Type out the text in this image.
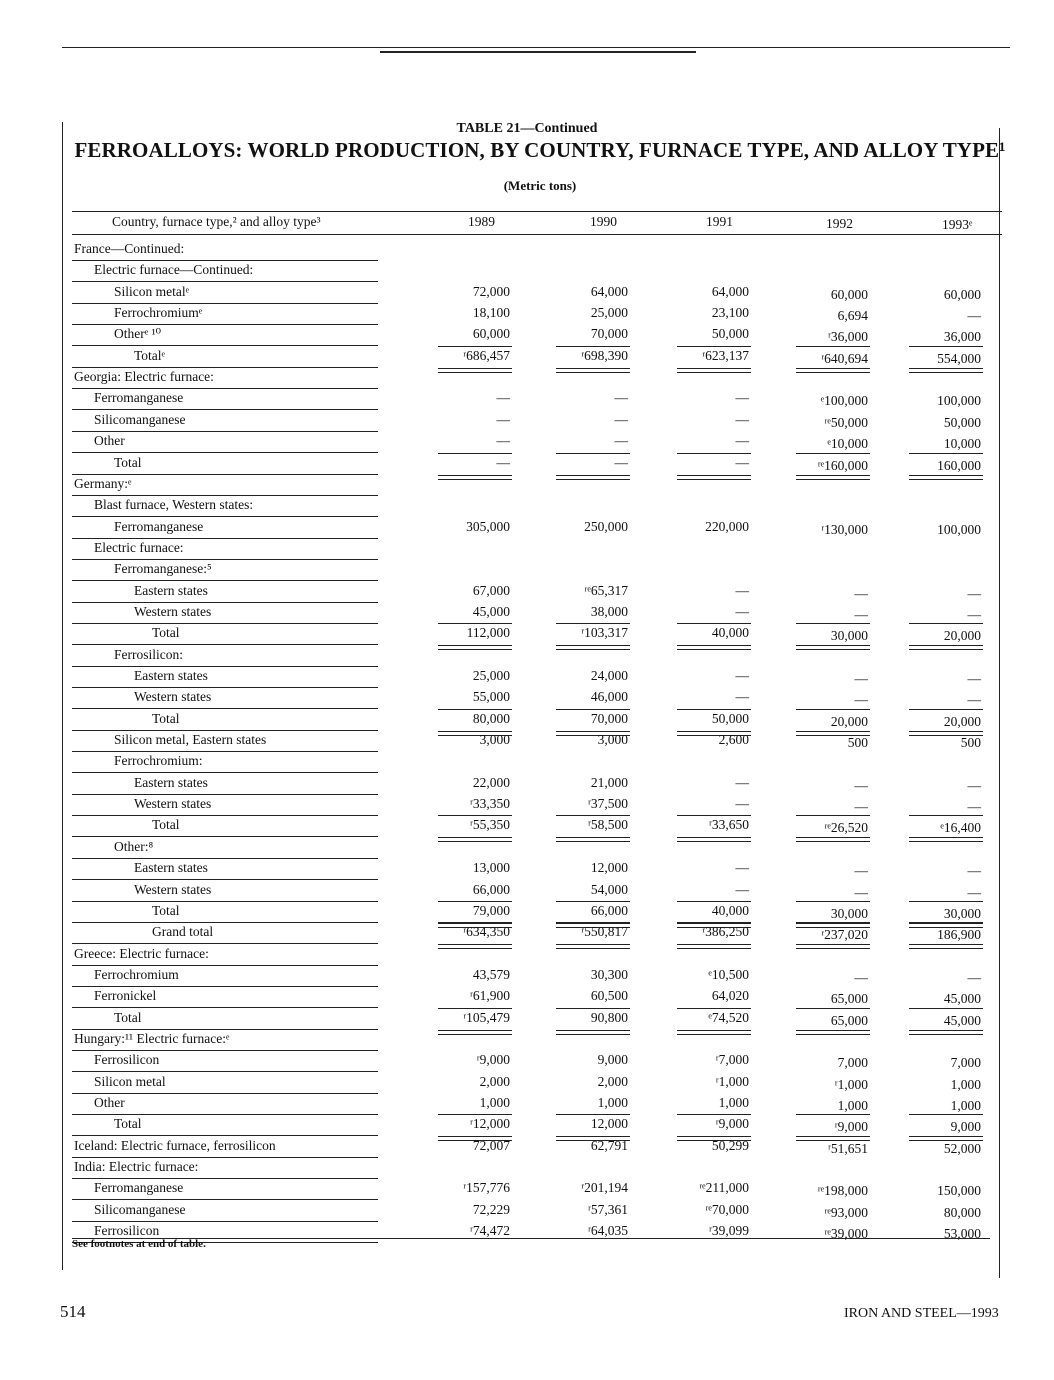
TABLE 21—Continued
FERROALLOYS: WORLD PRODUCTION, BY COUNTRY, FURNACE TYPE, AND ALLOY TYPE¹
(Metric tons)
Country, furnace type,² and alloy type³	1989	1990	1991	1992	1993ᵉ
France—Continued:
Electric furnace—Continued:
Silicon metalᵉ	72,000	64,000	64,000	60,000	60,000
Ferrochromiumᵉ	18,100	25,000	23,100	6,694	—
Otherᵉ ¹⁰	60,000	70,000	50,000	ʳ36,000	36,000
Totalᵉ	ʳ686,457	ʳ698,390	ʳ623,137	ʳ640,694	554,000
Georgia: Electric furnace:
Ferromanganese	—	—	—	ᵉ100,000	100,000
Silicomanganese	—	—	—	ʳᵉ50,000	50,000
Other	—	—	—	ᵉ10,000	10,000
Total	—	—	—	ʳᵉ160,000	160,000
Germany:ᵉ
Blast furnace, Western states:
Ferromanganese	305,000	250,000	220,000	ʳ130,000	100,000
Electric furnace:
Ferromanganese:⁵
Eastern states	67,000	ʳᵉ65,317	—	—	—
Western states	45,000	38,000	—	—	—
Total	112,000	ʳ103,317	40,000	30,000	20,000
Ferrosilicon:
Eastern states	25,000	24,000	—	—	—
Western states	55,000	46,000	—	—	—
Total	80,000	70,000	50,000	20,000	20,000
Silicon metal, Eastern states	3,000	3,000	2,600	500	500
Ferrochromium:
Eastern states	22,000	21,000	—	—	—
Western states	ʳ33,350	ʳ37,500	—	—	—
Total	ʳ55,350	ʳ58,500	ʳ33,650	ʳᵉ26,520	ᵉ16,400
Other:⁸
Eastern states	13,000	12,000	—	—	—
Western states	66,000	54,000	—	—	—
Total	79,000	66,000	40,000	30,000	30,000
Grand total	ʳ634,350	ʳ550,817	ʳ386,250	ʳ237,020	186,900
Greece: Electric furnace:
Ferrochromium	43,579	30,300	ᵉ10,500	—	—
Ferronickel	ʳ61,900	60,500	64,020	65,000	45,000
Total	ʳ105,479	90,800	ᵉ74,520	65,000	45,000
Hungary:¹¹ Electric furnace:ᵉ
Ferrosilicon	ʳ9,000	9,000	ʳ7,000	7,000	7,000
Silicon metal	2,000	2,000	ʳ1,000	ʳ1,000	1,000
Other	1,000	1,000	1,000	1,000	1,000
Total	ʳ12,000	12,000	ʳ9,000	ʳ9,000	9,000
Iceland: Electric furnace, ferrosilicon	72,007	62,791	50,299	ʳ51,651	52,000
India: Electric furnace:
Ferromanganese	ʳ157,776	ʳ201,194	ʳᵉ211,000	ʳᵉ198,000	150,000
Silicomanganese	72,229	ʳ57,361	ʳᵉ70,000	ʳᵉ93,000	80,000
Ferrosilicon	ʳ74,472	ʳ64,035	ʳ39,099	ʳᵉ39,000	53,000
See footnotes at end of table.
514	IRON AND STEEL—1993
